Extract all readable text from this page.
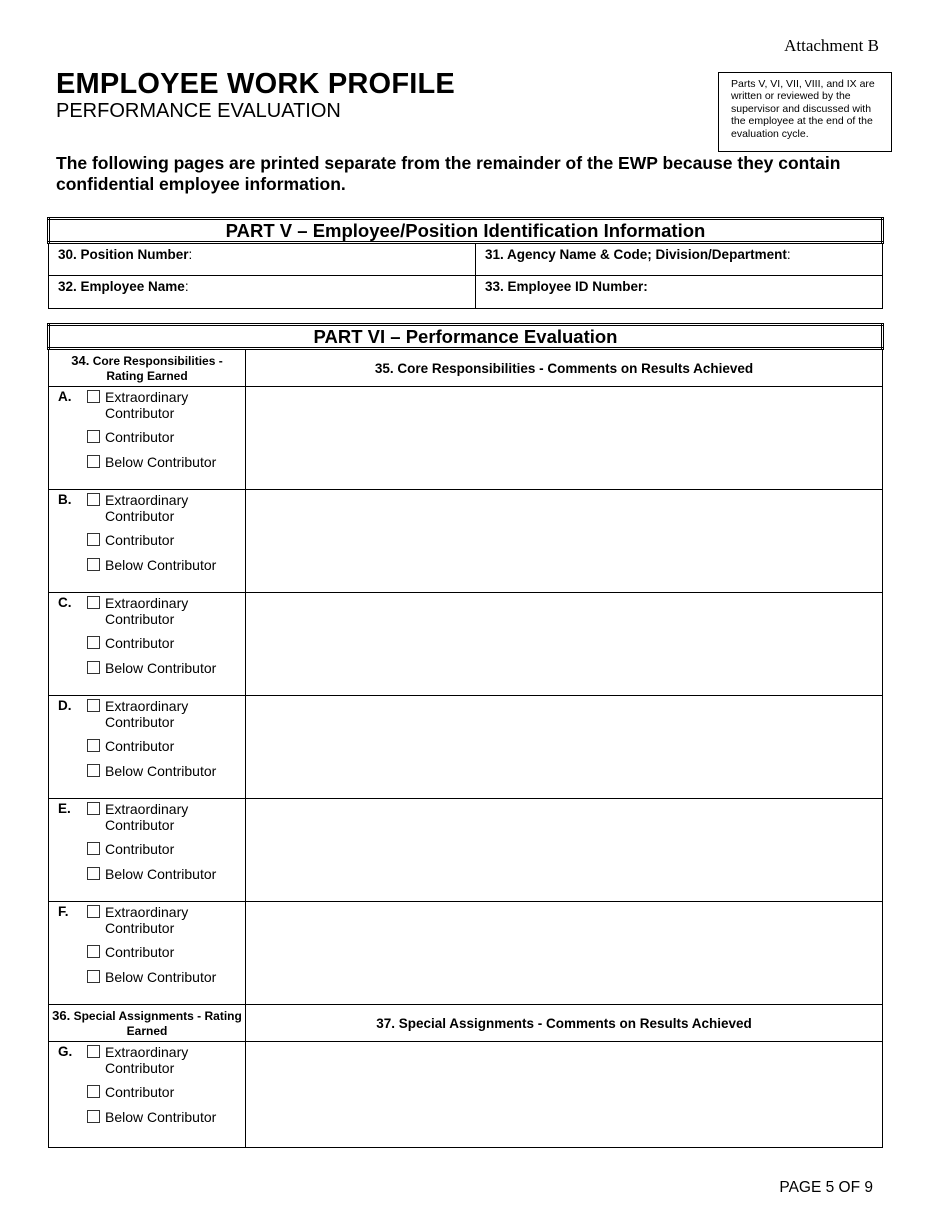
Attachment B
EMPLOYEE WORK PROFILE
PERFORMANCE EVALUATION
Parts V, VI, VII, VIII, and IX are written or reviewed by the supervisor and discussed with the employee at the end of the evaluation cycle.
The following pages are printed separate from the remainder of the EWP because they contain confidential employee information.
PART V – Employee/Position Identification Information	
30. Position Number:	31. Agency Name & Code; Division/Department:
32. Employee Name:	33. Employee ID Number:
PART VI – Performance Evaluation	
34. Core Responsibilities - Rating Earned	35. Core Responsibilities - Comments on Results Achieved

A. Extraordinary
Contributor
Contributor
Below Contributor	

B. Extraordinary
Contributor
Contributor
Below Contributor	

C. Extraordinary
Contributor
Contributor
Below Contributor	

D. Extraordinary
Contributor
Contributor
Below Contributor	

E. Extraordinary
Contributor
Contributor
Below Contributor	

F. Extraordinary
Contributor
Contributor
Below Contributor	

36. Special Assignments - Rating Earned	37. Special Assignments - Comments on Results Achieved

G. Extraordinary
Contributor
Contributor
Below Contributor	

PAGE 5 OF 9
